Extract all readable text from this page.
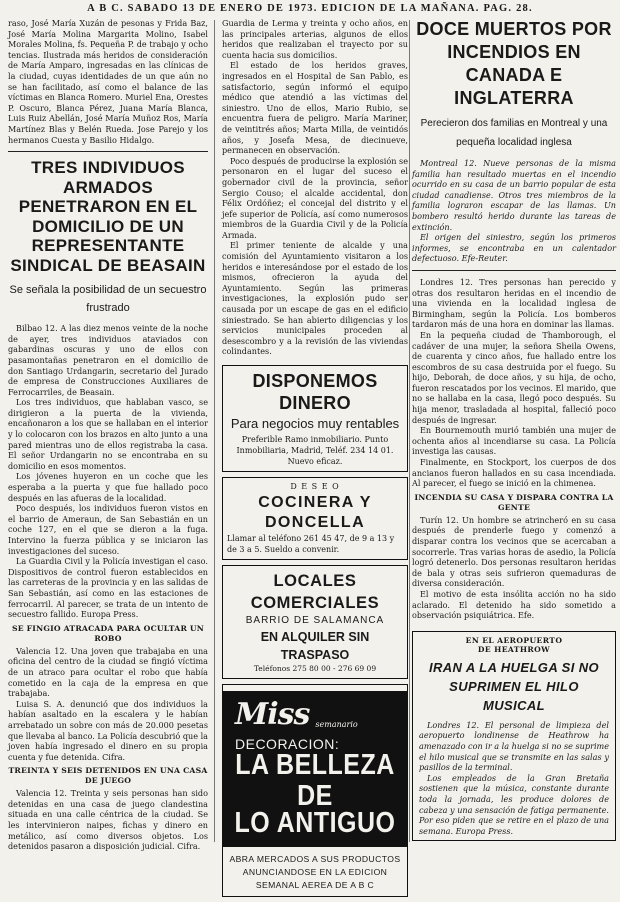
A B C. SABADO 13 DE ENERO DE 1973. EDICION DE LA MAÑANA. PAG. 28.

raso, José María Xuzán de pesonas y Frida Baz, José María Molina Margarita Molino, Isabel Morales Molina, fs. Pequeña P. de trabajo y ocho tencias. Ilustrada más heridos de consideración de María Amparo, ingresadas en las clínicas de la ciudad, cuyas identidades de un que aún no se han facilitado, así como el balance de las víctimas en Blanca Romero. Muriel Ena, Orestes P. Oscuro, Blanca Pérez, Juana María Blanca, Luis Ruiz Abellán, José María Muñoz Ros, María Martínez Blas y Belén Rueda. Jose Parejo y los hermanos Cuesta y Basilio Hidalgo.

TRES INDIVIDUOS ARMADOS PENETRARON EN EL DOMICILIO DE UN REPRESENTANTE SINDICAL DE BEASAIN
Se señala la posibilidad de un secuestro frustrado

Bilbao 12. A las diez menos veinte de la noche de ayer, tres individuos ataviados con gabardinas oscuras y uno de ellos con pasamontañas penetraron en el domicilio de don Santiago Urdangarin, secretario del Jurado de empresa de Construcciones Auxiliares de Ferrocarriles, de Beasain.

Los tres individuos, que hablaban vasco, se dirigieron a la puerta de la vivienda, encañonaron a los que se hallaban en el interior y lo colocaron con los brazos en alto junto a una pared mientras uno de ellos registraba la casa. El señor Urdangarin no se encontraba en su domicilio en esos momentos.

Los jóvenes huyeron en un coche que les esperaba a la puerta y que fue hallado poco después en las afueras de la localidad.

Poco después, los individuos fueron vistos en el barrio de Ameraun, de San Sebastián en un coche 127, en el que se dieron a la fuga. Intervino la fuerza pública y se iniciaron las investigaciones del suceso.

La Guardia Civil y la Policía investigan el caso. Dispositivos de control fueron establecidos en las carreteras de la provincia y en las salidas de San Sebastián, así como en las estaciones de ferrocarril. Al parecer, se trata de un intento de secuestro fallido. Europa Press.

SE FINGIO ATRACADA PARA OCULTAR UN ROBO

Valencia 12. Una joven que trabajaba en una oficina del centro de la ciudad se fingió víctima de un atraco para ocultar el robo que había cometido en la caja de la empresa en que trabajaba.

Luisa S. A. denunció que dos individuos la habían asaltado en la escalera y le habían arrebatado un sobre con más de 20.000 pesetas que llevaba al banco. La Policía descubrió que la joven había ingresado el dinero en su propia cuenta y fue detenida. Cifra.

TREINTA Y SEIS DETENIDOS EN UNA CASA DE JUEGO

Valencia 12. Treinta y seis personas han sido detenidas en una casa de juego clandestina situada en una calle céntrica de la ciudad. Se les intervinieron naipes, fichas y dinero en metálico, así como diversos objetos. Los detenidos pasaron a disposición judicial. Cifra.

Guardia de Lerma y treinta y ocho años, en las principales arterias, algunos de ellos heridos que realizaban el trayecto por su cuenta hacia sus domicilios.

El estado de los heridos graves, ingresados en el Hospital de San Pablo, es satisfactorio, según informó el equipo médico que atendió a las víctimas del siniestro. Uno de ellos, Mario Rubio, se encuentra fuera de peligro. María Mariner, de veintitrés años; Marta Milla, de veintidós años, y Josefa Mesa, de diecinueve, permanecen en observación.

Poco después de producirse la explosión se personaron en el lugar del suceso el gobernador civil de la provincia, señor Sergio Couso; el alcalde accidental, don Félix Ordóñez; el concejal del distrito y el jefe superior de Policía, así como numerosos miembros de la Guardia Civil y de la Policía Armada.

El primer teniente de alcalde y una comisión del Ayuntamiento visitaron a los heridos e interesándose por el estado de los mismos, ofrecieron la ayuda del Ayuntamiento. Según las primeras investigaciones, la explosión pudo ser causada por un escape de gas en el edificio siniestrado. Se han abierto diligencias y los servicios municipales proceden al desescombro y a la revisión de las viviendas colindantes.

DISPONEMOS DINERO
Para negocios muy rentables
Preferible Ramo inmobiliario. Punto Inmobiliaria, Madrid, Teléf. 234 14 01. Nuevo eficaz.
D E S E O
COCINERA Y DONCELLA
Llamar al teléfono 261 45 47, de 9 a 13 y de 3 a 5. Sueldo a convenir.
LOCALES COMERCIALES
BARRIO DE SALAMANCA
EN ALQUILER SIN TRASPASO
Teléfonos 275 80 00 - 276 69 09
Miss semanario
DECORACION:
LA BELLEZA DE
LO ANTIGUO
ABRA MERCADOS A SUS PRODUCTOS ANUNCIANDOSE EN LA EDICION SEMANAL AEREA DE A B C
DOCE MUERTOS POR INCENDIOS EN CANADA E INGLATERRA
Perecieron dos familias en Montreal y una pequeña localidad inglesa

Montreal 12. Nueve personas de la misma familia han resultado muertas en el incendio ocurrido en su casa de un barrio popular de esta ciudad canadiense. Otros tres miembros de la familia lograron escapar de las llamas. Un bombero resultó herido durante las tareas de extinción.

El origen del siniestro, según los primeros informes, se encontraba en un calentador defectuoso. Efe-Reuter.

Londres 12. Tres personas han perecido y otras dos resultaron heridas en el incendio de una vivienda en la localidad inglesa de Birmingham, según la Policía. Los bomberos tardaron más de una hora en dominar las llamas.

En la pequeña ciudad de Thamborough, el cadáver de una mujer, la señora Sheila Owens, de cuarenta y cinco años, fue hallado entre los escombros de su casa destruida por el fuego. Su hijo, Deborah, de doce años, y su hija, de ocho, fueron rescatados por los vecinos. El marido, que no se hallaba en la casa, llegó poco después. Su hija menor, trasladada al hospital, falleció poco después de ingresar.

En Bournemouth murió también una mujer de ochenta años al incendiarse su casa. La Policía investiga las causas.

Finalmente, en Stockport, los cuerpos de dos ancianos fueron hallados en su casa incendiada. Al parecer, el fuego se inició en la chimenea.

INCENDIA SU CASA Y DISPARA CONTRA LA GENTE

Turín 12. Un hombre se atrincheró en su casa después de prenderle fuego y comenzó a disparar contra los vecinos que se acercaban a socorrerle. Tras varias horas de asedio, la Policía logró detenerlo. Dos personas resultaron heridas de bala y otras seis sufrieron quemaduras de diversa consideración.

El motivo de esta insólita acción no ha sido aclarado. El detenido ha sido sometido a observación psiquiátrica. Efe.

EN EL AEROPUERTO
DE HEATHROW
IRAN A LA HUELGA SI NO SUPRIMEN EL HILO MUSICAL

Londres 12. El personal de limpieza del aeropuerto londinense de Heathrow ha amenazado con ir a la huelga si no se suprime el hilo musical que se transmite en las salas y pasillos de la terminal.

Los empleados de la Gran Bretaña sostienen que la música, constante durante toda la jornada, les produce dolores de cabeza y una sensación de fatiga permanente. Por eso piden que se retire en el plazo de una semana. Europa Press.
